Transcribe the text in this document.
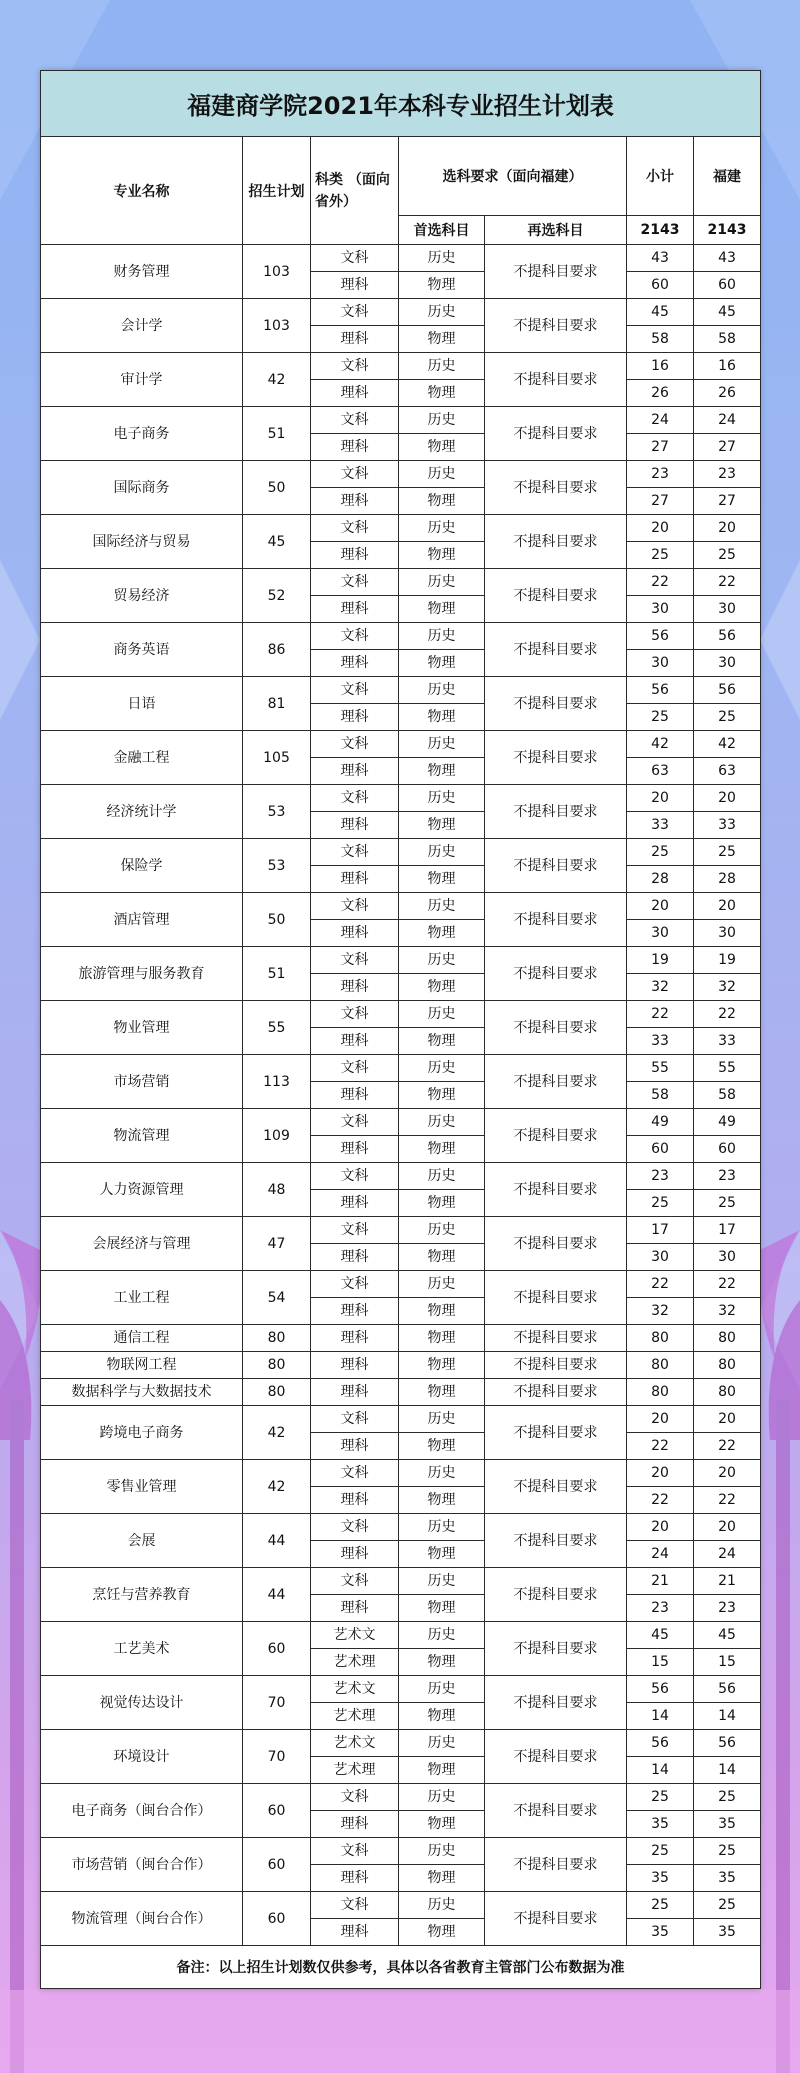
福建商学院2021年本科专业招生计划表						
专业名称	招生计划	科类 （面向省外）	选科要求（面向福建）		小计	福建
			首选科目	再选科目	2143	2143
财务管理	103	文科	历史	不提科目要求	43	43
		理科	物理		60	60
会计学	103	文科	历史	不提科目要求	45	45
		理科	物理		58	58
审计学	42	文科	历史	不提科目要求	16	16
		理科	物理		26	26
电子商务	51	文科	历史	不提科目要求	24	24
		理科	物理		27	27
国际商务	50	文科	历史	不提科目要求	23	23
		理科	物理		27	27
国际经济与贸易	45	文科	历史	不提科目要求	20	20
		理科	物理		25	25
贸易经济	52	文科	历史	不提科目要求	22	22
		理科	物理		30	30
商务英语	86	文科	历史	不提科目要求	56	56
		理科	物理		30	30
日语	81	文科	历史	不提科目要求	56	56
		理科	物理		25	25
金融工程	105	文科	历史	不提科目要求	42	42
		理科	物理		63	63
经济统计学	53	文科	历史	不提科目要求	20	20
		理科	物理		33	33
保险学	53	文科	历史	不提科目要求	25	25
		理科	物理		28	28
酒店管理	50	文科	历史	不提科目要求	20	20
		理科	物理		30	30
旅游管理与服务教育	51	文科	历史	不提科目要求	19	19
		理科	物理		32	32
物业管理	55	文科	历史	不提科目要求	22	22
		理科	物理		33	33
市场营销	113	文科	历史	不提科目要求	55	55
		理科	物理		58	58
物流管理	109	文科	历史	不提科目要求	49	49
		理科	物理		60	60
人力资源管理	48	文科	历史	不提科目要求	23	23
		理科	物理		25	25
会展经济与管理	47	文科	历史	不提科目要求	17	17
		理科	物理		30	30
工业工程	54	文科	历史	不提科目要求	22	22
		理科	物理		32	32
通信工程	80	理科	物理	不提科目要求	80	80
物联网工程	80	理科	物理	不提科目要求	80	80
数据科学与大数据技术	80	理科	物理	不提科目要求	80	80
跨境电子商务	42	文科	历史	不提科目要求	20	20
		理科	物理		22	22
零售业管理	42	文科	历史	不提科目要求	20	20
		理科	物理		22	22
会展	44	文科	历史	不提科目要求	20	20
		理科	物理		24	24
烹饪与营养教育	44	文科	历史	不提科目要求	21	21
		理科	物理		23	23
工艺美术	60	艺术文	历史	不提科目要求	45	45
		艺术理	物理		15	15
视觉传达设计	70	艺术文	历史	不提科目要求	56	56
		艺术理	物理		14	14
环境设计	70	艺术文	历史	不提科目要求	56	56
		艺术理	物理		14	14
电子商务（闽台合作）	60	文科	历史	不提科目要求	25	25
		理科	物理		35	35
市场营销（闽台合作）	60	文科	历史	不提科目要求	25	25
		理科	物理		35	35
物流管理（闽台合作）	60	文科	历史	不提科目要求	25	25
		理科	物理		35	35
备注：以上招生计划数仅供参考，具体以各省教育主管部门公布数据为准						
